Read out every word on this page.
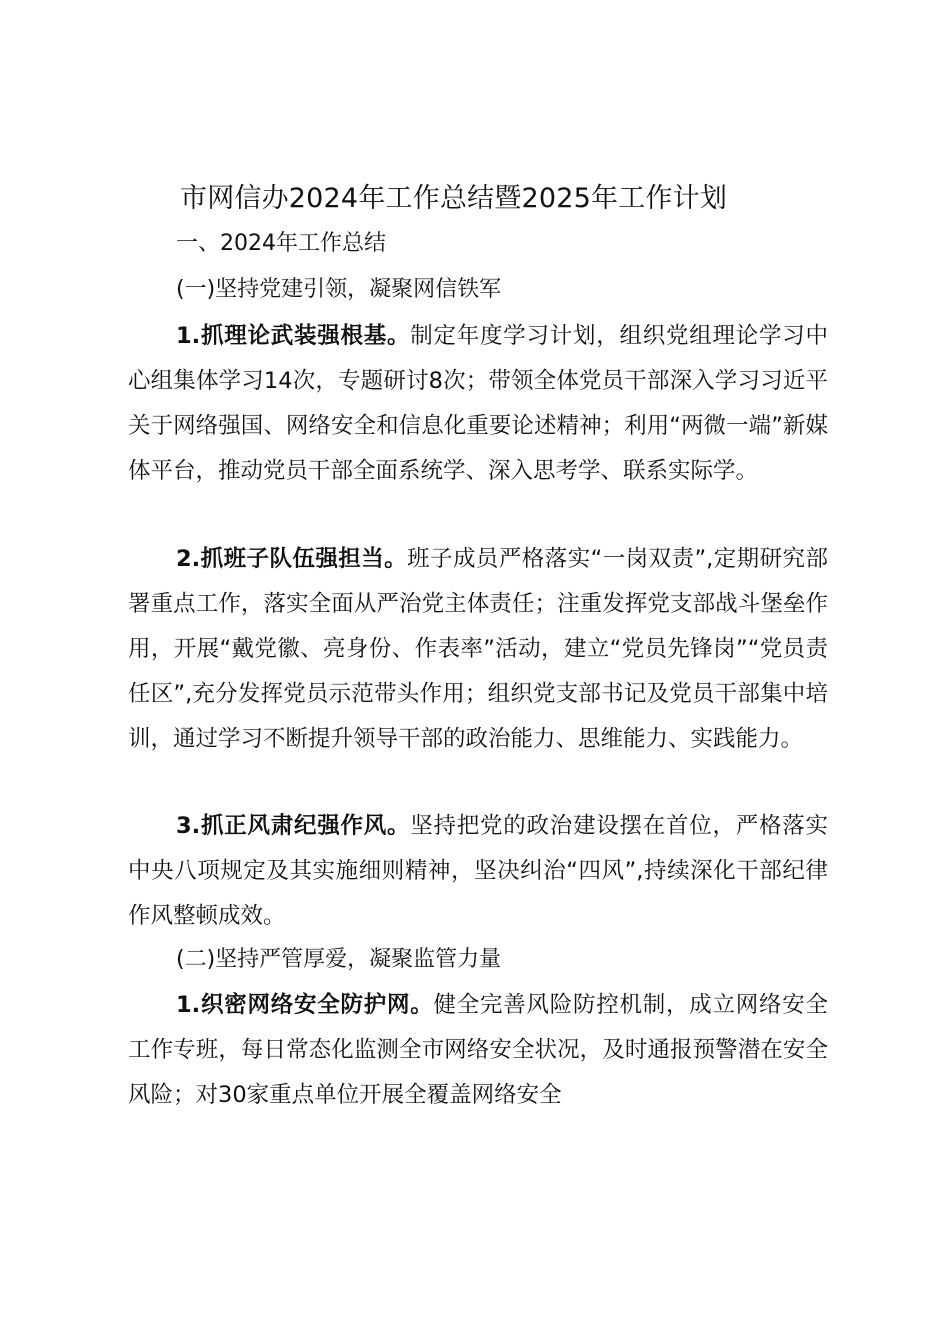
市网信办2024年工作总结暨2025年工作计划
一、2024年工作总结
(一)坚持党建引领，凝聚网信铁军
1.抓理论武装强根基。制定年度学习计划，组织党组理论学习中心组集体学习14次，专题研讨8次；带领全体党员干部深入学习习近平关于网络强国、网络安全和信息化重要论述精神；利用“两微一端”新媒体平台，推动党员干部全面系统学、深入思考学、联系实际学。
2.抓班子队伍强担当。班子成员严格落实“一岗双责”,定期研究部署重点工作，落实全面从严治党主体责任；注重发挥党支部战斗堡垒作用，开展“戴党徽、亮身份、作表率”活动，建立“党员先锋岗”“党员责任区”,充分发挥党员示范带头作用；组织党支部书记及党员干部集中培训，通过学习不断提升领导干部的政治能力、思维能力、实践能力。
3.抓正风肃纪强作风。坚持把党的政治建设摆在首位，严格落实中央八项规定及其实施细则精神，坚决纠治“四风”,持续深化干部纪律作风整顿成效。
(二)坚持严管厚爱，凝聚监管力量
1.织密网络安全防护网。健全完善风险防控机制，成立网络安全工作专班，每日常态化监测全市网络安全状况，及时通报预警潜在安全风险；对30家重点单位开展全覆盖网络安全
